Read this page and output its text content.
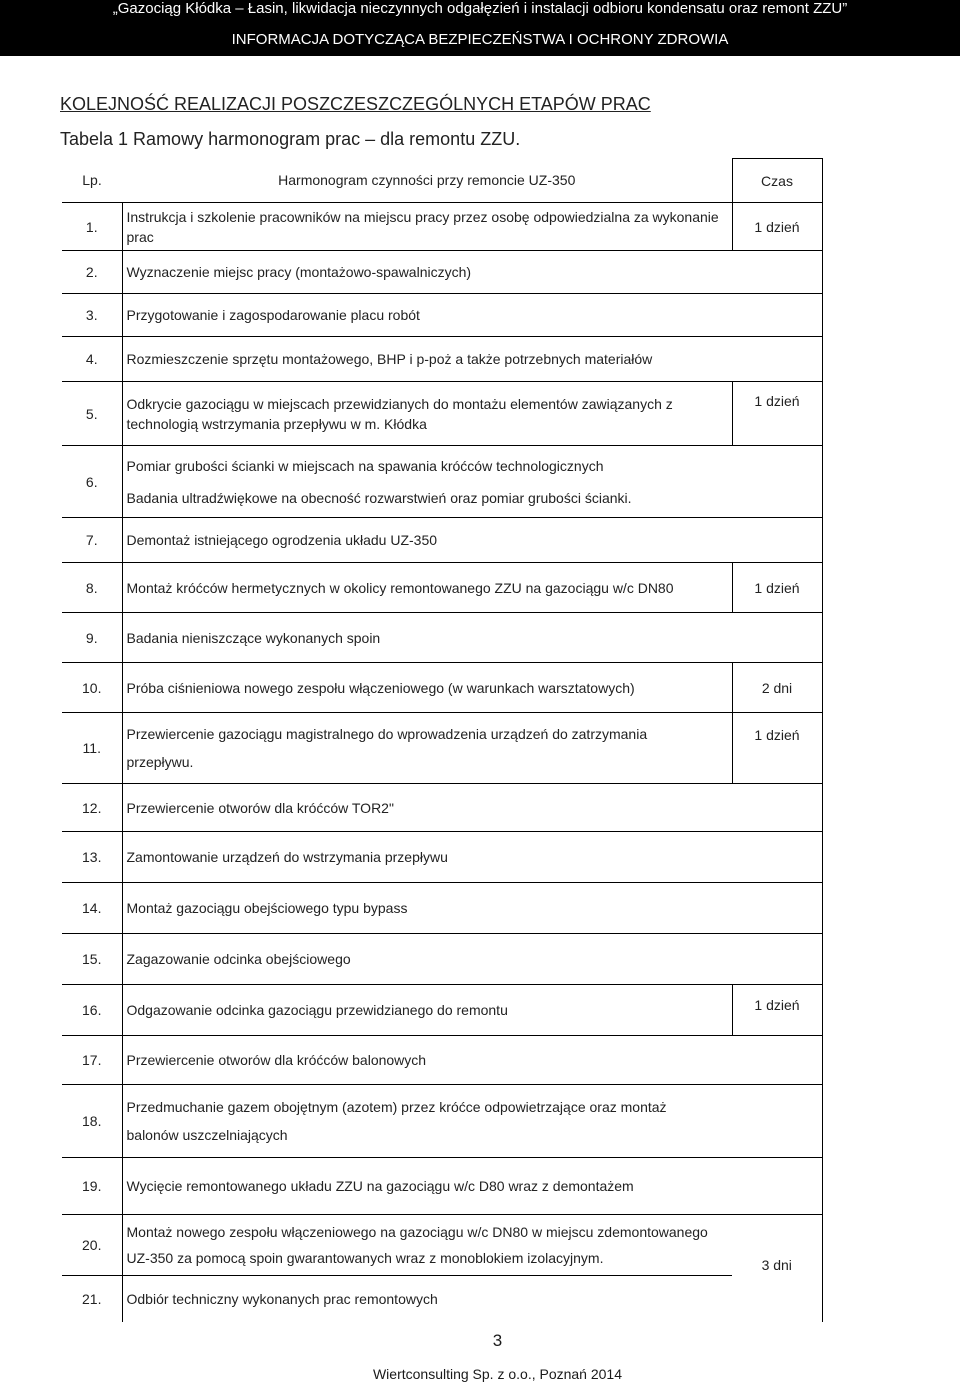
„Gazociąg Kłódka – Łasin, likwidacja nieczynnych odgałęzień i instalacji odbioru kondensatu oraz remont ZZU”
INFORMACJA DOTYCZĄCA BEZPIECZEŃSTWA I OCHRONY ZDROWIA
KOLEJNOŚĆ REALIZACJI POSZCZESZCZEGÓLNYCH ETAPÓW PRAC
Tabela 1 Ramowy harmonogram prac – dla remontu ZZU.
Lp.	Harmonogram czynności przy remoncie UZ-350	Czas
1.	Instrukcja i szkolenie pracowników na miejscu pracy przez osobę odpowiedzialna za wykonanie prac	1 dzień
2.	Wyznaczenie miejsc pracy (montażowo-spawalniczych)	
3.	Przygotowanie i zagospodarowanie placu robót	
4.	Rozmieszczenie sprzętu montażowego, BHP i p-poż a także potrzebnych materiałów	
5.	Odkrycie gazociągu w miejscach przewidzianych do montażu elementów zawiązanych z technologią wstrzymania przepływu w m. Kłódka	1 dzień
6.	Pomiar grubości ścianki w miejscach na spawania króćców technologicznych
Badania ultradźwiękowe na obecność rozwarstwień oraz pomiar grubości ścianki.	

7.	Demontaż istniejącego ogrodzenia układu UZ-350	
8.	Montaż króćców hermetycznych w okolicy remontowanego ZZU na gazociągu w/c DN80	1 dzień
9.	Badania nieniszczące wykonanych spoin	
10.	Próba ciśnieniowa nowego zespołu włączeniowego (w warunkach warsztatowych)	2 dni
11.	Przewiercenie gazociągu magistralnego do wprowadzenia urządzeń do zatrzymania
przepływu.	1 dzień
12.	Przewiercenie otworów dla króćców TOR2"	
13.	Zamontowanie urządzeń do wstrzymania przepływu	
14.	Montaż gazociągu obejściowego typu bypass	
15.	Zagazowanie odcinka obejściowego	
16.	Odgazowanie odcinka gazociągu przewidzianego do remontu	1 dzień
17.	Przewiercenie otworów dla króćców balonowych	
18.	Przedmuchanie gazem obojętnym (azotem) przez króćce odpowietrzające oraz montaż
balonów uszczelniających	

19.	Wycięcie remontowanego układu ZZU na gazociągu w/c D80 wraz z demontażem	
20.	Montaż nowego zespołu włączeniowego na gazociągu w/c DN80 w miejscu zdemontowanego
UZ-350 za pomocą spoin gwarantowanych wraz z monoblokiem izolacyjnym.	3 dni
21.	Odbiór techniczny wykonanych prac remontowych	
3
Wiertconsulting Sp. z o.o., Poznań 2014
